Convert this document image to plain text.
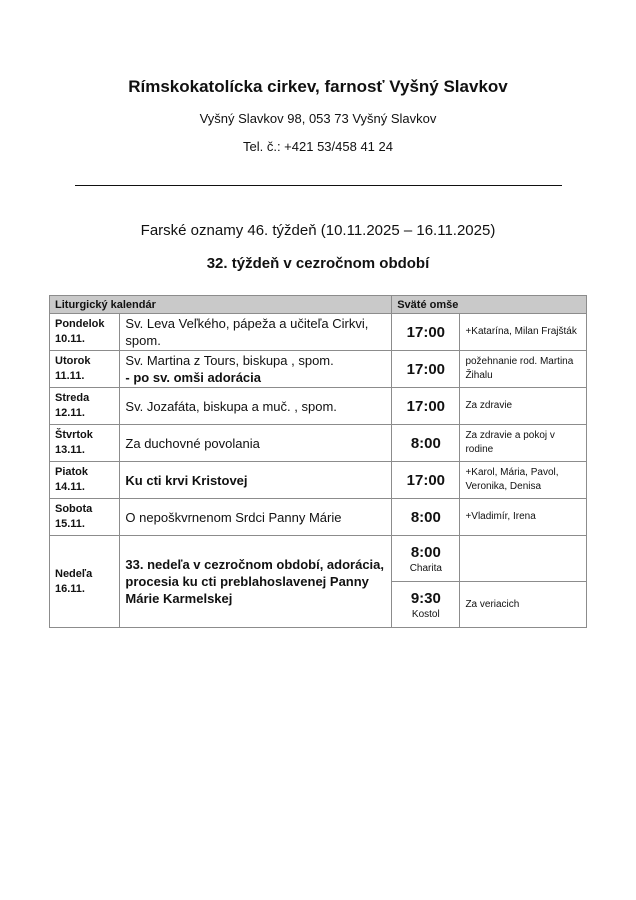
Rímskokatolícka cirkev, farnosť Vyšný Slavkov
Vyšný Slavkov 98, 053 73 Vyšný Slavkov
Tel. č.: +421 53/458 41 24
Farské oznamy 46. týždeň (10.11.2025 – 16.11.2025)
32. týždeň v cezročnom období
Liturgický kalendár		Sväté omše	
Pondelok
10.11.	Sv. Leva Veľkého, pápeža a učiteľa Cirkvi, spom.	17:00	+Katarína, Milan Frajšták
Utorok
11.11.	Sv. Martina z Tours, biskupa , spom.
- po sv. omši adorácia	17:00	požehnanie rod. Martina Žihalu
Streda
12.11.	Sv. Jozafáta, biskupa a muč. , spom.	17:00	Za zdravie
Štvrtok
13.11.	Za duchovné povolania	8:00	Za zdravie a pokoj v rodine
Piatok
14.11.	Ku cti krvi Kristovej	17:00	+Karol, Mária, Pavol, Veronika, Denisa
Sobota
15.11.	O nepoškvrnenom Srdci Panny Márie	8:00	+Vladimír, Irena
Nedeľa
16.11.	33. nedeľa v cezročnom období, adorácia, procesia ku cti preblahoslavenej Panny Márie Karmelskej	8:00
Charita	

		9:30
Kostol	Za veriacich
